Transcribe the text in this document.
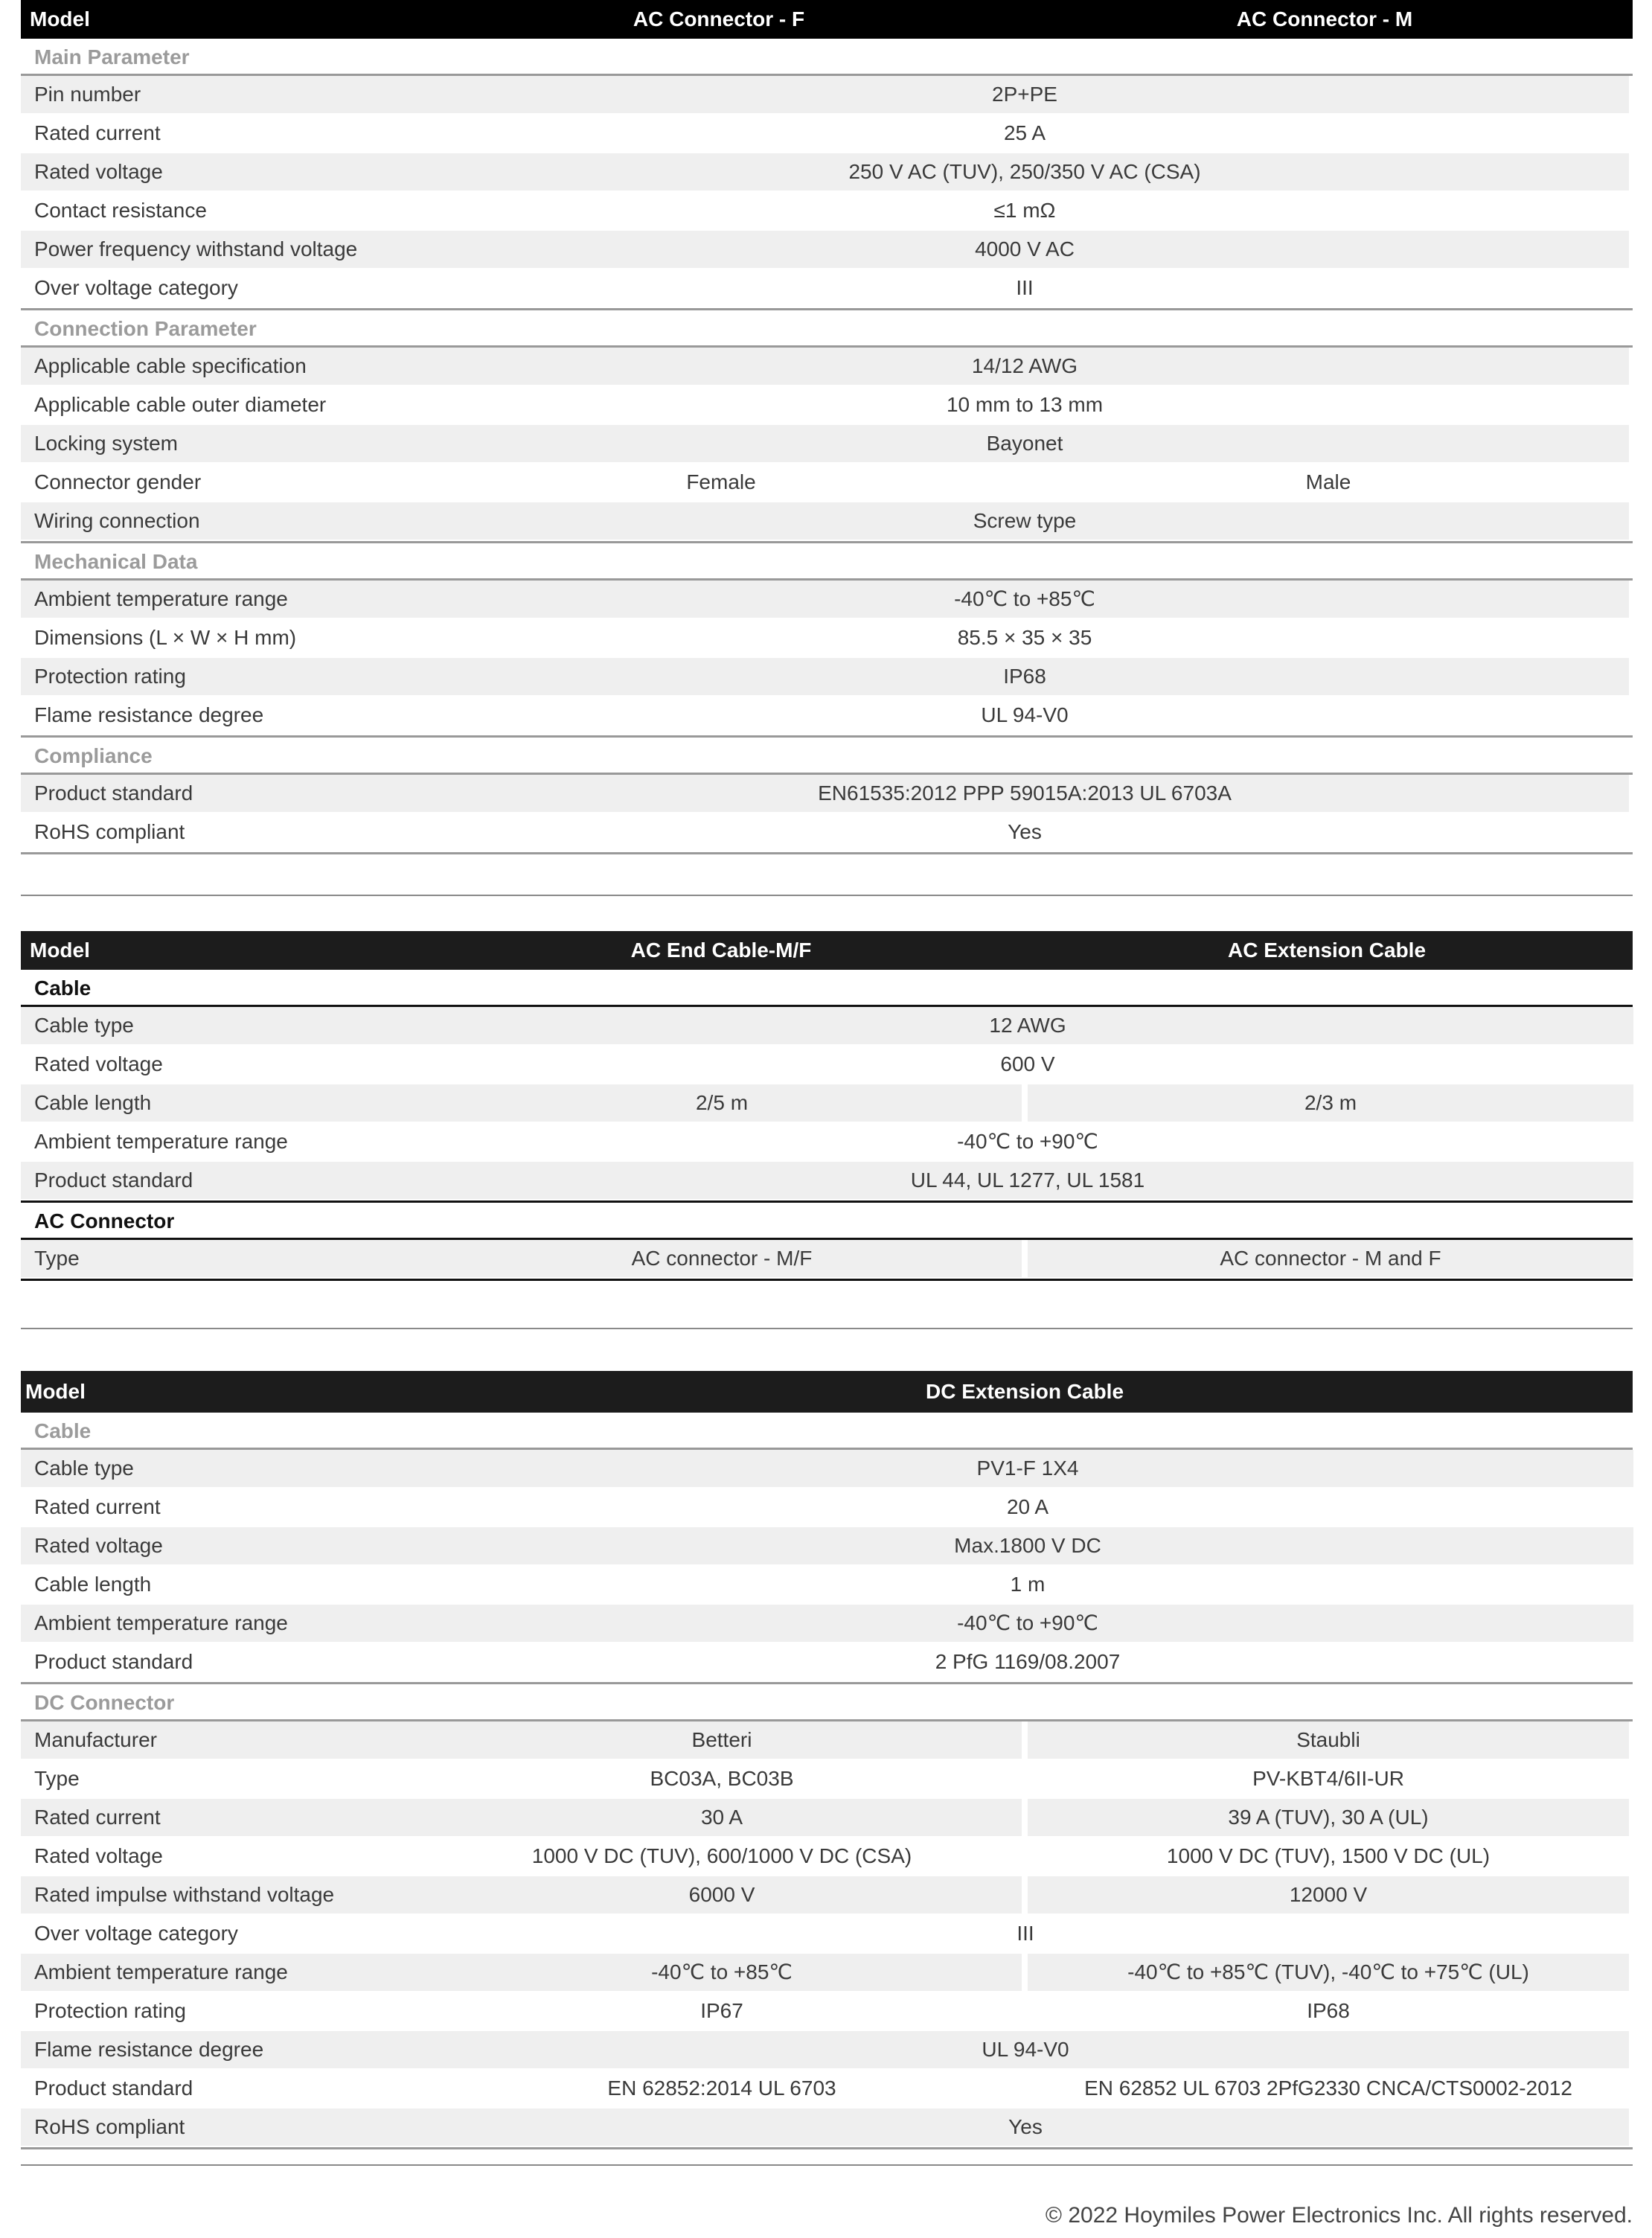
Model	AC Connector - F	AC Connector - M
Main Parameter
Pin number	2P+PE
Rated current	25 A
Rated voltage	250 V AC (TUV), 250/350 V AC (CSA)
Contact resistance	≤1 mΩ
Power frequency withstand voltage	4000 V AC
Over voltage category	III
Connection Parameter
Applicable cable specification	14/12 AWG
Applicable cable outer diameter	10 mm to 13 mm
Locking system	Bayonet
Connector gender	Female	Male
Wiring connection	Screw type
Mechanical Data
Ambient temperature range	-40℃ to +85℃
Dimensions (L × W × H mm)	85.5 × 35 × 35
Protection rating	IP68
Flame resistance degree	UL 94-V0
Compliance
Product standard	EN61535:2012 PPP 59015A:2013 UL 6703A
RoHS compliant	Yes
Model	AC End Cable-M/F	AC Extension Cable
Cable
Cable type	12 AWG
Rated voltage	600 V
Cable length	2/5 m	2/3 m
Ambient temperature range	-40℃ to +90℃
Product standard	UL 44, UL 1277, UL 1581
AC Connector
Type	AC connector - M/F	AC connector - M and F
Model	DC Extension Cable
Cable
Cable type	PV1-F 1X4
Rated current	20 A
Rated voltage	Max.1800 V DC
Cable length	1 m
Ambient temperature range	-40℃ to +90℃
Product standard	2 PfG 1169/08.2007
DC Connector
Manufacturer	Betteri	Staubli
Type	BC03A, BC03B	PV-KBT4/6II-UR
Rated current	30 A	39 A (TUV), 30 A (UL)
Rated voltage	1000 V DC (TUV), 600/1000 V DC (CSA)	1000 V DC (TUV), 1500 V DC (UL)
Rated impulse withstand voltage	6000 V	12000 V
Over voltage category	III
Ambient temperature range	-40℃ to +85℃	-40℃ to +85℃ (TUV), -40℃ to +75℃ (UL)
Protection rating	IP67	IP68
Flame resistance degree	UL 94-V0
Product standard	EN 62852:2014 UL 6703	EN 62852 UL 6703 2PfG2330 CNCA/CTS0002-2012
RoHS compliant	Yes
© 2022 Hoymiles Power Electronics Inc. All rights reserved.
